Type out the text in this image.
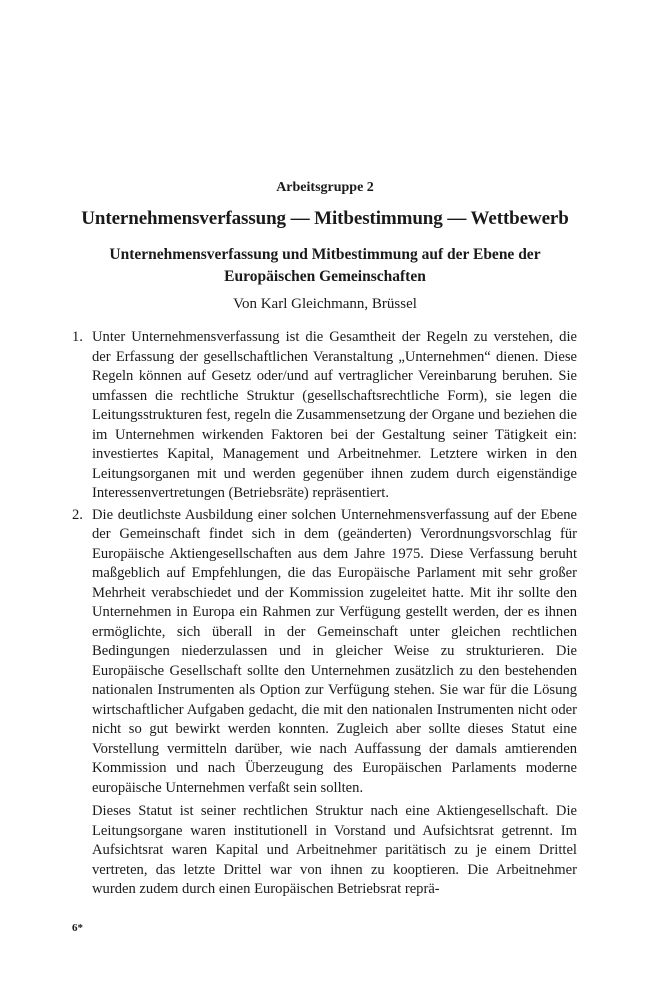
Arbeitsgruppe 2
Unternehmensverfassung — Mitbestimmung — Wettbewerb
Unternehmensverfassung und Mitbestimmung auf der Ebene der Europäischen Gemeinschaften
Von Karl Gleichmann, Brüssel
1. Unter Unternehmensverfassung ist die Gesamtheit der Regeln zu verstehen, die der Erfassung der gesellschaftlichen Veranstaltung „Unternehmen“ dienen. Diese Regeln können auf Gesetz oder/und auf vertraglicher Vereinbarung beruhen. Sie umfassen die rechtliche Struktur (gesellschaftsrechtliche Form), sie legen die Leitungsstrukturen fest, regeln die Zusammensetzung der Organe und beziehen die im Unternehmen wirkenden Faktoren bei der Gestaltung seiner Tätigkeit ein: investiertes Kapital, Management und Arbeitnehmer. Letztere wirken in den Leitungsorganen mit und werden gegenüber ihnen zudem durch eigenständige Interessenvertretungen (Betriebsräte) repräsentiert.

2. Die deutlichste Ausbildung einer solchen Unternehmensverfassung auf der Ebene der Gemeinschaft findet sich in dem (geänderten) Verordnungsvorschlag für Europäische Aktiengesellschaften aus dem Jahre 1975. Diese Verfassung beruht maßgeblich auf Empfehlungen, die das Europäische Parlament mit sehr großer Mehrheit verabschiedet und der Kommission zugeleitet hatte. Mit ihr sollte den Unternehmen in Europa ein Rahmen zur Verfügung gestellt werden, der es ihnen ermöglichte, sich überall in der Gemeinschaft unter gleichen rechtlichen Bedingungen niederzulassen und in gleicher Weise zu strukturieren. Die Europäische Gesellschaft sollte den Unternehmen zusätzlich zu den bestehenden nationalen Instrumenten als Option zur Verfügung stehen. Sie war für die Lösung wirtschaftlicher Aufgaben gedacht, die mit den nationalen Instrumenten nicht oder nicht so gut bewirkt werden konnten. Zugleich aber sollte dieses Statut eine Vorstellung vermitteln darüber, wie nach Auffassung der damals amtierenden Kommission und nach Überzeugung des Europäischen Parlaments moderne europäische Unternehmen verfaßt sein sollten.

Dieses Statut ist seiner rechtlichen Struktur nach eine Aktiengesellschaft. Die Leitungsorgane waren institutionell in Vorstand und Aufsichtsrat getrennt. Im Aufsichtsrat waren Kapital und Arbeitnehmer paritätisch zu je einem Drittel vertreten, das letzte Drittel war von ihnen zu kooptieren. Die Arbeitnehmer wurden zudem durch einen Europäischen Betriebsrat reprä-

6*
